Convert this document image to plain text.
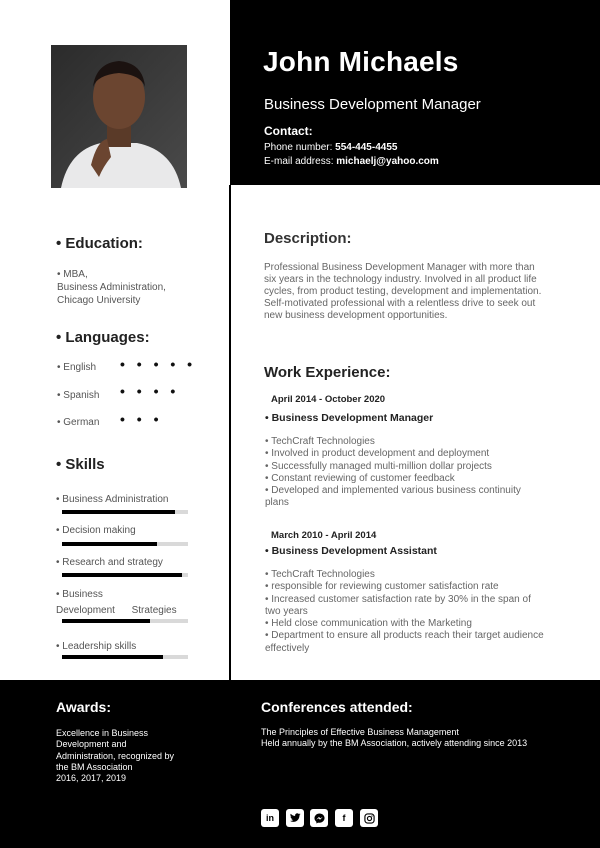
John Michaels
Business Development Manager
Contact:
Phone number: 554-445-4455
E-mail address: michaelj@yahoo.com
• Education:
• MBA,
Business Administration,
Chicago University
• Languages:
• English • • • • •
• Spanish • • • •
• German • • •
• Skills
• Business Administration
• Decision making
• Research and strategy
• Business
Development      Strategies
• Leadership skills
Description:
Professional Business Development Manager with more than six years in the technology industry. Involved in all product life cycles, from product testing, development and implementation. Self-motivated professional with a relentless drive to seek out new business development opportunities.
Work Experience:
April 2014 - October 2020
• Business Development Manager
• TechCraft Technologies
• Involved in product development and deployment
• Successfully managed multi-million dollar projects
• Constant reviewing of customer feedback
• Developed and implemented various business continuity plans
March 2010 - April 2014
• Business Development Assistant
• TechCraft Technologies
• responsible for reviewing customer satisfaction rate
• Increased customer satisfaction rate by 30% in the span of two years
• Held close communication with the Marketing
• Department to ensure all products reach their target audience effectively
Awards:
Excellence in Business
Development and
Administration, recognized by
the BM Association
2016, 2017, 2019
Conferences attended:
The Principles of Effective Business Management
Held annually by the BM Association, actively attending since 2013
in	f
